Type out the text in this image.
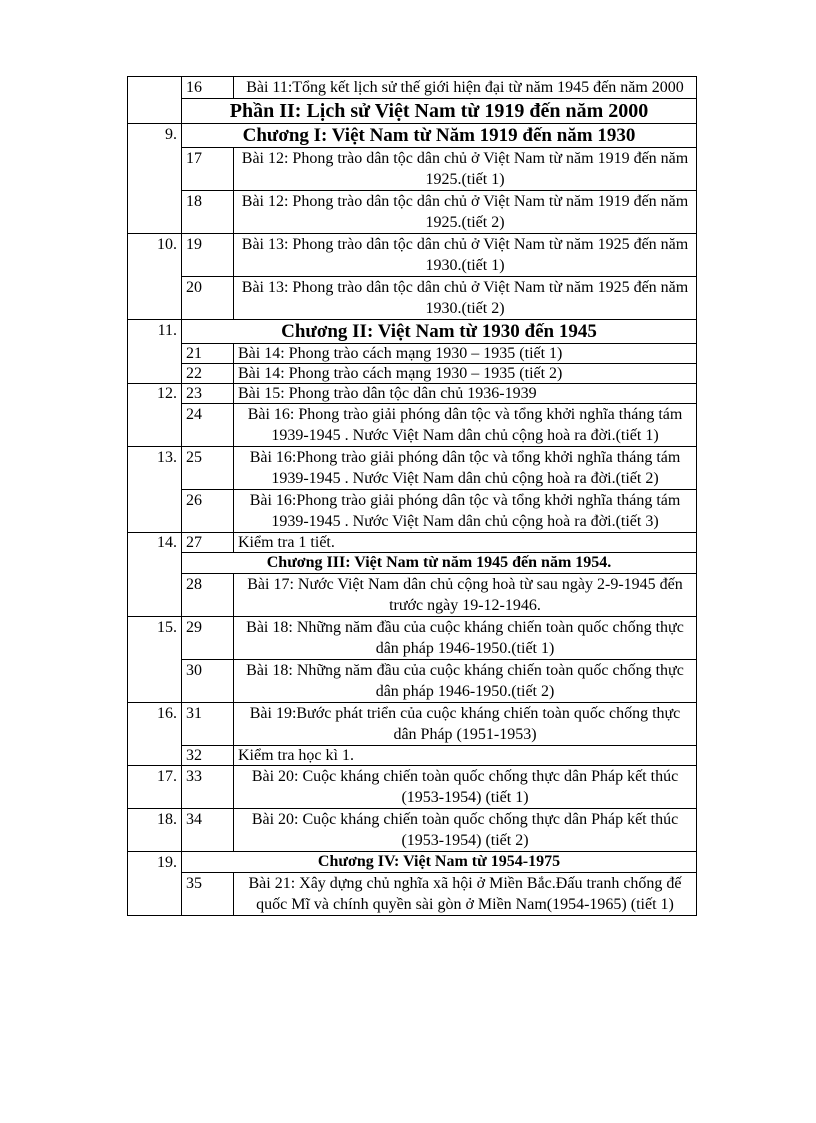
	16	Bài 11:Tổng kết lịch sử thế giới hiện đại từ năm 1945 đến năm 2000
	Phần II: Lịch sử Việt Nam từ 1919 đến năm 2000	
9.	Chương I: Việt Nam từ Năm 1919 đến năm 1930	
	17	Bài 12: Phong trào dân tộc dân chủ ở Việt Nam từ năm 1919 đến năm 1925.(tiết 1)
	18	Bài 12: Phong trào dân tộc dân chủ ở Việt Nam từ năm 1919 đến năm 1925.(tiết 2)
10.	19	Bài 13: Phong trào dân tộc dân chủ ở Việt Nam từ năm 1925 đến năm 1930.(tiết 1)
	20	Bài 13: Phong trào dân tộc dân chủ ở Việt Nam từ năm 1925 đến năm 1930.(tiết 2)
11.	Chương II: Việt Nam từ 1930 đến 1945	
	21	Bài 14: Phong trào cách mạng 1930 – 1935 (tiết 1)
	22	Bài 14: Phong trào cách mạng 1930 – 1935 (tiết 2)
12.	23	Bài 15: Phong trào dân tộc dân chủ 1936-1939
	24	Bài 16: Phong trào giải phóng dân tộc và tổng khởi nghĩa tháng tám 1939-1945 . Nước Việt Nam dân chủ cộng hoà ra đời.(tiết 1)
13.	25	Bài 16:Phong trào giải phóng dân tộc và tổng khởi nghĩa tháng tám 1939-1945 . Nước Việt Nam dân chủ cộng hoà ra đời.(tiết 2)
	26	Bài 16:Phong trào giải phóng dân tộc và tổng khởi nghĩa tháng tám 1939-1945 . Nước Việt Nam dân chủ cộng hoà ra đời.(tiết 3)
14.	27	Kiểm tra 1 tiết.
	Chương III: Việt Nam từ năm 1945 đến năm 1954.	
	28	Bài 17: Nước Việt Nam dân chủ cộng hoà từ sau ngày 2-9-1945 đến trước ngày 19-12-1946.
15.	29	Bài 18: Những năm đầu của cuộc kháng chiến toàn quốc chống thực dân pháp 1946-1950.(tiết 1)
	30	Bài 18: Những năm đầu của cuộc kháng chiến toàn quốc chống thực dân pháp 1946-1950.(tiết 2)
16.	31	Bài 19:Bước phát triển của cuộc kháng chiến toàn quốc chống thực dân Pháp (1951-1953)
	32	Kiểm tra học kì 1.
17.	33	Bài 20: Cuộc kháng chiến toàn quốc chống thực dân Pháp kết thúc (1953-1954) (tiết 1)
18.	34	Bài 20: Cuộc kháng chiến toàn quốc chống thực dân Pháp kết thúc (1953-1954) (tiết 2)
19.	Chương IV: Việt Nam từ 1954-1975	
	35	Bài 21: Xây dựng chủ nghĩa xã hội ở Miền Bắc.Đấu tranh chống đế quốc Mĩ và chính quyền sài gòn ở Miền Nam(1954-1965) (tiết 1)
